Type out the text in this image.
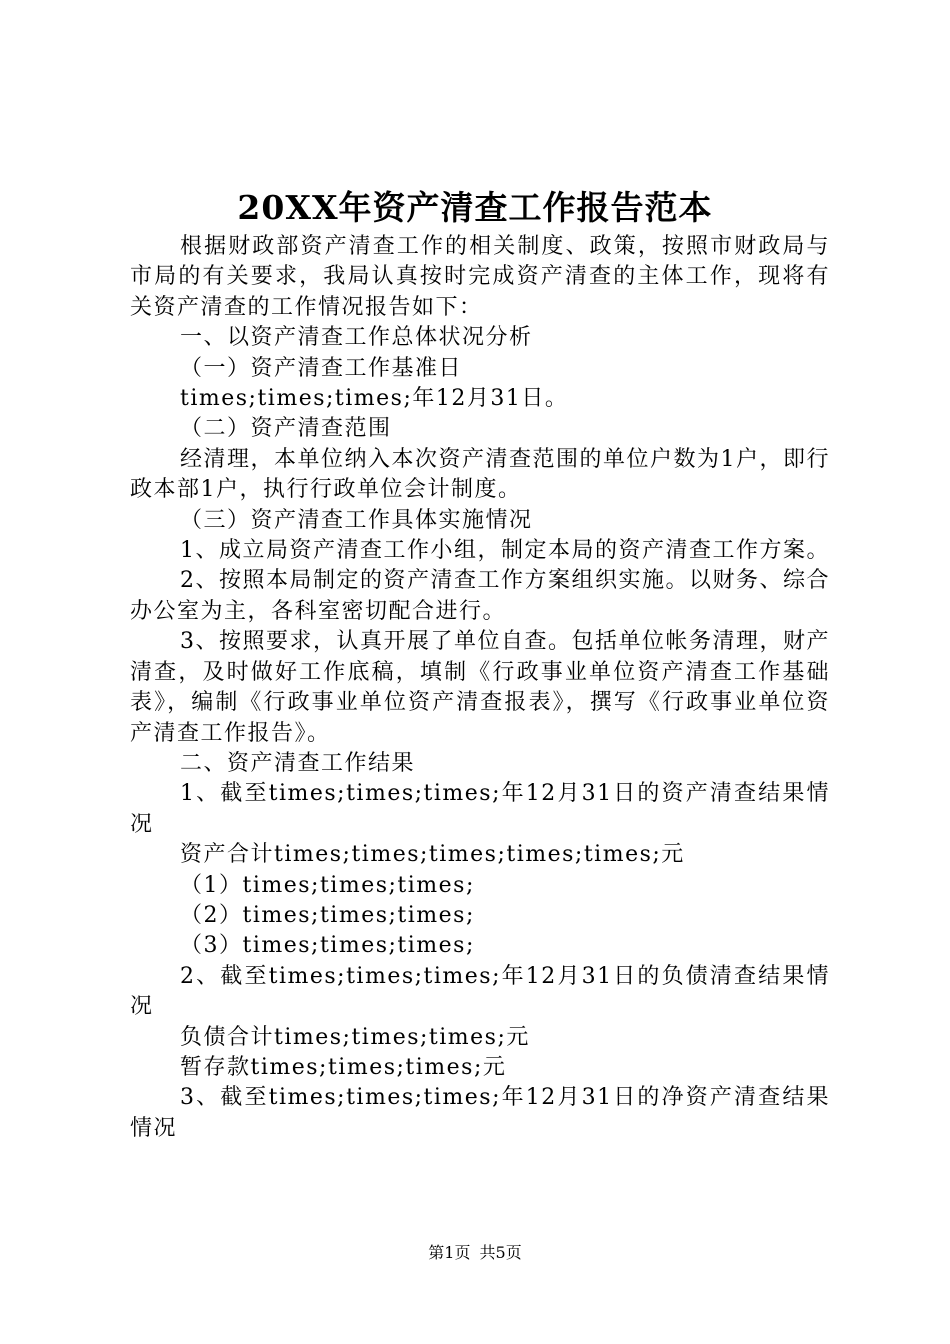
20XX年资产清查工作报告范本

根据财政部资产清查工作的相关制度、政策，按照市财政局与市局的有关要求，我局认真按时完成资产清查的主体工作，现将有关资产清查的工作情况报告如下：

一、以资产清查工作总体状况分析

（一）资产清查工作基准日

times;times;times;年12月31日。

（二）资产清查范围

经清理，本单位纳入本次资产清查范围的单位户数为1户，即行政本部1户，执行行政单位会计制度。

（三）资产清查工作具体实施情况

1、成立局资产清查工作小组，制定本局的资产清查工作方案。

2、按照本局制定的资产清查工作方案组织实施。以财务、综合办公室为主，各科室密切配合进行。

3、按照要求，认真开展了单位自查。包括单位帐务清理，财产清查，及时做好工作底稿，填制《行政事业单位资产清查工作基础表》，编制《行政事业单位资产清查报表》，撰写《行政事业单位资产清查工作报告》。

二、资产清查工作结果

1、截至times;times;times;年12月31日的资产清查结果情况

资产合计times;times;times;times;times;元

（1）times;times;times;

（2）times;times;times;

（3）times;times;times;

2、截至times;times;times;年12月31日的负债清查结果情况

负债合计times;times;times;元

暂存款times;times;times;元

3、截至times;times;times;年12月31日的净资产清查结果情况

第1页 共5页
